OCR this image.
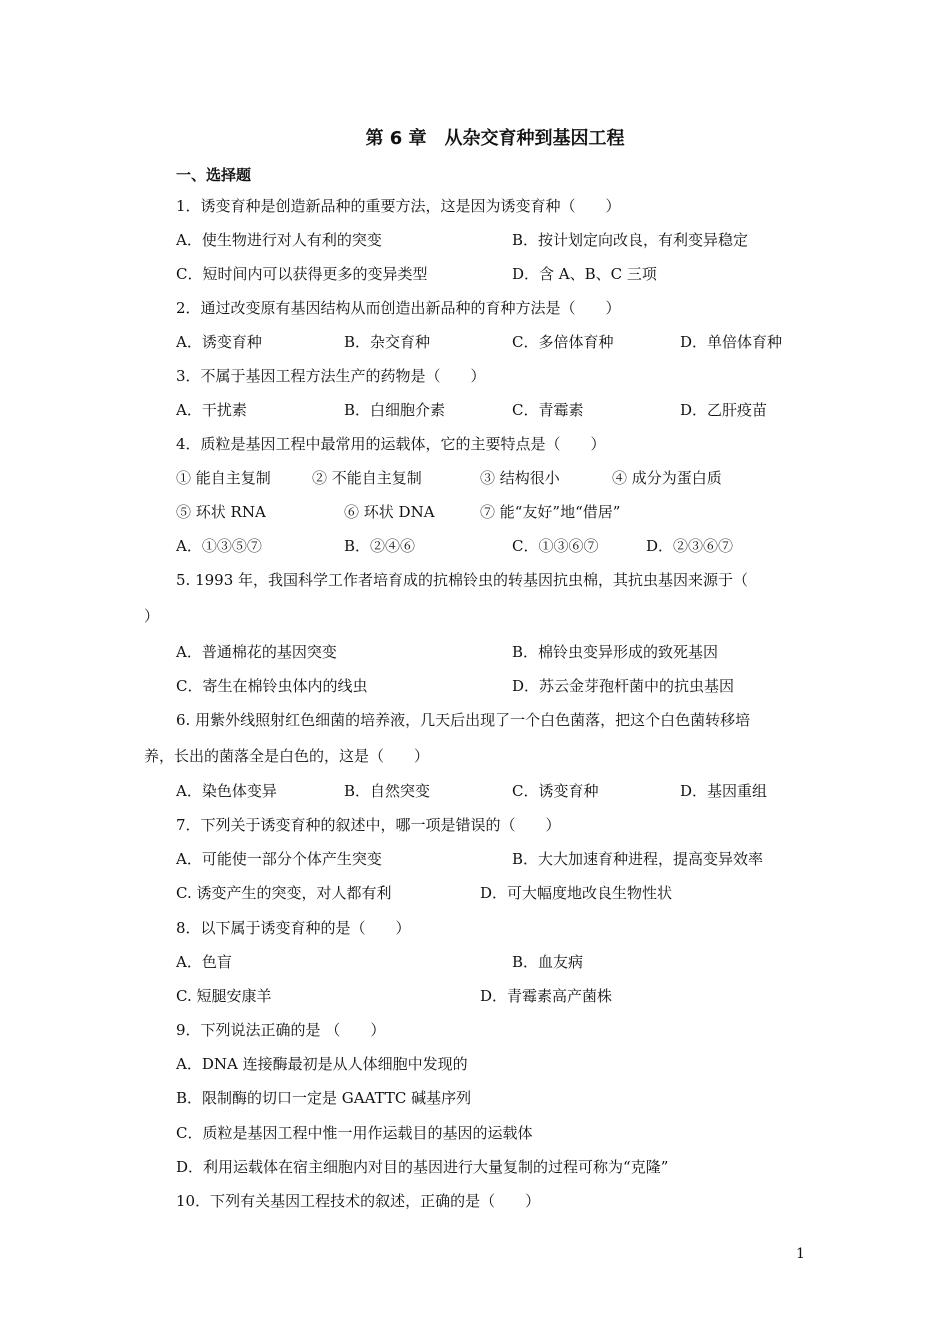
第 6 章　从杂交育种到基因工程
一、选择题
1．诱变育种是创造新品种的重要方法，这是因为诱变育种（　　）
A．使生物进行对人有利的突变	B．按计划定向改良，有利变异稳定
C．短时间内可以获得更多的变异类型	D．含 A、B、C 三项
2．通过改变原有基因结构从而创造出新品种的育种方法是（　　）
A．诱变育种	B．杂交育种	C．多倍体育种	D．单倍体育种
3．不属于基因工程方法生产的药物是（　　）
A．干扰素	B．白细胞介素	C．青霉素	D．乙肝疫苗
4．质粒是基因工程中最常用的运载体，它的主要特点是（　　）
① 能自主复制	② 不能自主复制	③ 结构很小	④ 成分为蛋白质
⑤ 环状 RNA	⑥ 环状 DNA	⑦ 能“友好”地“借居”
A．①③⑤⑦	B．②④⑥	C．①③⑥⑦	D．②③⑥⑦
5. 1993 年，我国科学工作者培育成的抗棉铃虫的转基因抗虫棉，其抗虫基因来源于（
）
A．普通棉花的基因突变	B．棉铃虫变异形成的致死基因
C．寄生在棉铃虫体内的线虫	D．苏云金芽孢杆菌中的抗虫基因
6. 用紫外线照射红色细菌的培养液，几天后出现了一个白色菌落，把这个白色菌转移培
养，长出的菌落全是白色的，这是（　　）
A．染色体变异	B．自然突变	C．诱变育种	D．基因重组
7．下列关于诱变育种的叙述中，哪一项是错误的（　　）
A．可能使一部分个体产生突变	B．大大加速育种进程，提高变异效率
C. 诱变产生的突变，对人都有利	D．可大幅度地改良生物性状
8．以下属于诱变育种的是（　　）
A．色盲	B．血友病
C. 短腿安康羊	D．青霉素高产菌株
9．下列说法正确的是 （　　）
A．DNA 连接酶最初是从人体细胞中发现的
B．限制酶的切口一定是 GAATTC 碱基序列
C．质粒是基因工程中惟一用作运载目的基因的运载体
D．利用运载体在宿主细胞内对目的基因进行大量复制的过程可称为“克隆”
10．下列有关基因工程技术的叙述，正确的是（　　）
1
